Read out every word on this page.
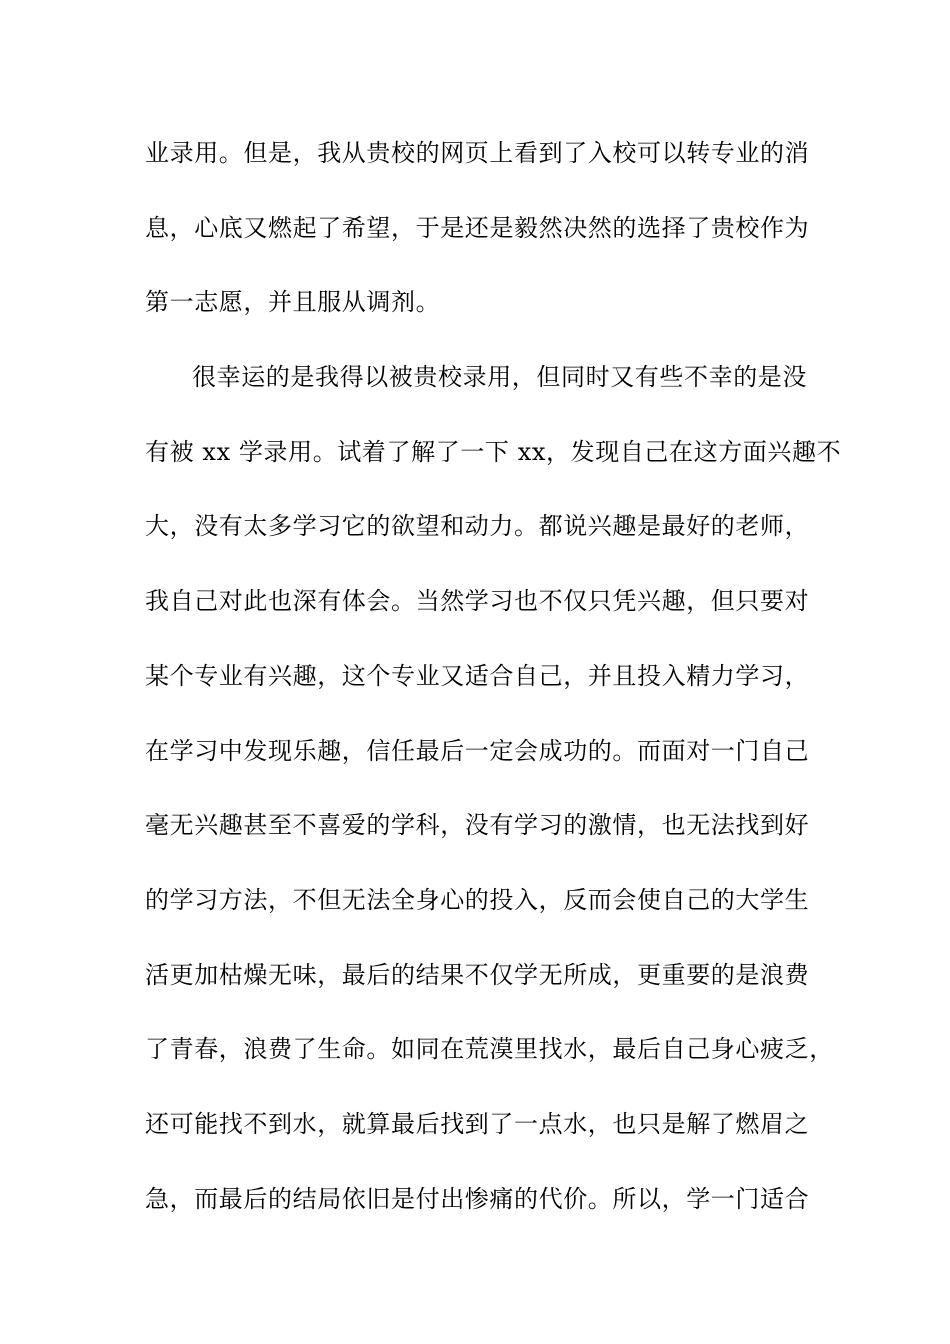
业录用。但是，我从贵校的网页上看到了入校可以转专业的消
息，心底又燃起了希望，于是还是毅然决然的选择了贵校作为
第一志愿，并且服从调剂。
很幸运的是我得以被贵校录用，但同时又有些不幸的是没
有被 xx 学录用。试着了解了一下 xx，发现自己在这方面兴趣不
大，没有太多学习它的欲望和动力。都说兴趣是最好的老师，
我自己对此也深有体会。当然学习也不仅只凭兴趣，但只要对
某个专业有兴趣，这个专业又适合自己，并且投入精力学习，
在学习中发现乐趣，信任最后一定会成功的。而面对一门自己
毫无兴趣甚至不喜爱的学科，没有学习的激情，也无法找到好
的学习方法，不但无法全身心的投入，反而会使自己的大学生
活更加枯燥无味，最后的结果不仅学无所成，更重要的是浪费
了青春，浪费了生命。如同在荒漠里找水，最后自己身心疲乏，
还可能找不到水，就算最后找到了一点水，也只是解了燃眉之
急，而最后的结局依旧是付出惨痛的代价。所以，学一门适合
